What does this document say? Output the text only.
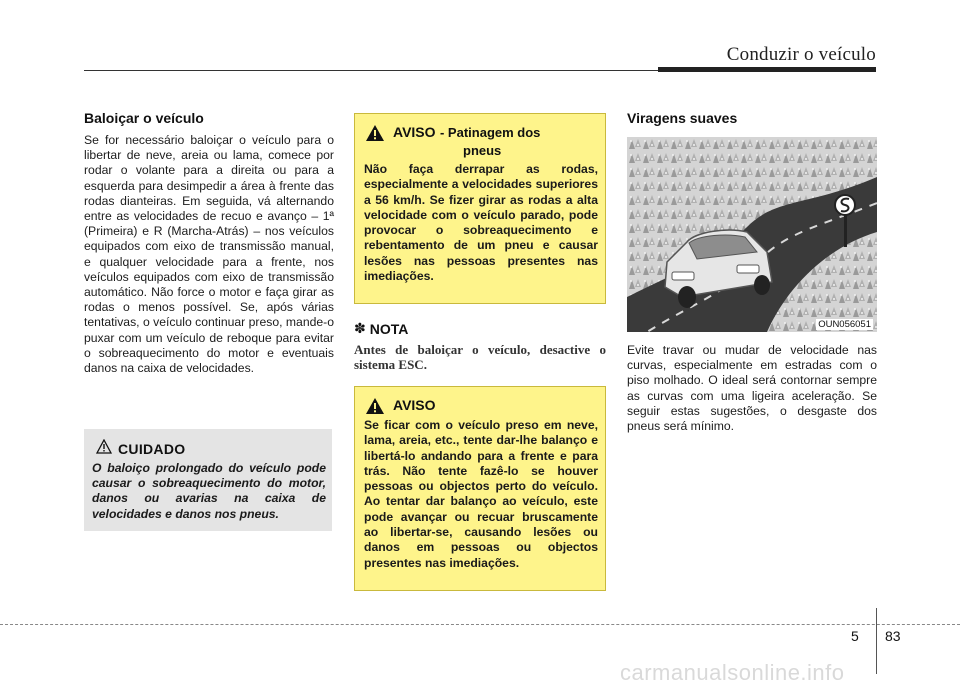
Conduzir o veículo
Baloiçar o veículo

Se for necessário baloiçar o veículo para o libertar de neve, areia ou lama, comece por rodar o volante para a direita ou para a esquerda para desimpedir a área à frente das rodas dianteiras. Em seguida, vá alternando entre as velocidades de recuo e avanço – 1ª (Primeira) e R (Marcha-Atrás) – nos veículos equipados com eixo de transmissão manual, e qualquer velocidade para a frente, nos veículos equipados com eixo de transmissão automático. Não force o motor e faça girar as rodas o menos possível. Se, após várias tentativas, o veículo continuar preso, mande-o puxar com um veículo de reboque para evitar o sobreaquecimento do motor e eventuais danos na caixa de velocidades.

CUIDADO
O baloiço prolongado do veículo pode causar o sobreaquecimento do motor, danos ou avarias na caixa de velocidades e danos nos pneus.
AVISO - Patinagem dos
pneus

Não faça derrapar as rodas, especialmente a velocidades superiores a 56 km/h. Se fizer girar as rodas a alta velocidade com o veículo parado, pode provocar o sobreaquecimento e rebentamento de um pneu e causar lesões nas pessoas presentes nas imediações.

✽ NOTA
Antes de baloiçar o veículo, desactive o sistema ESC.
AVISO

Se ficar com o veículo preso em neve, lama, areia, etc., tente dar-lhe balanço e libertá-lo andando para a frente e para trás. Não tente fazê-lo se houver pessoas ou objectos perto do veículo. Ao tentar dar balanço ao veículo, este pode avançar ou recuar bruscamente ao libertar-se, causando lesões ou danos em pessoas ou objectos presentes nas imediações.

Viragens suaves
OUN056051

Evite travar ou mudar de velocidade nas curvas, especialmente em estradas com o piso molhado. O ideal será contornar sempre as curvas com uma ligeira aceleração. Se seguir estas sugestões, o desgaste dos pneus será mínimo.

5 83
carmanualsonline.info
